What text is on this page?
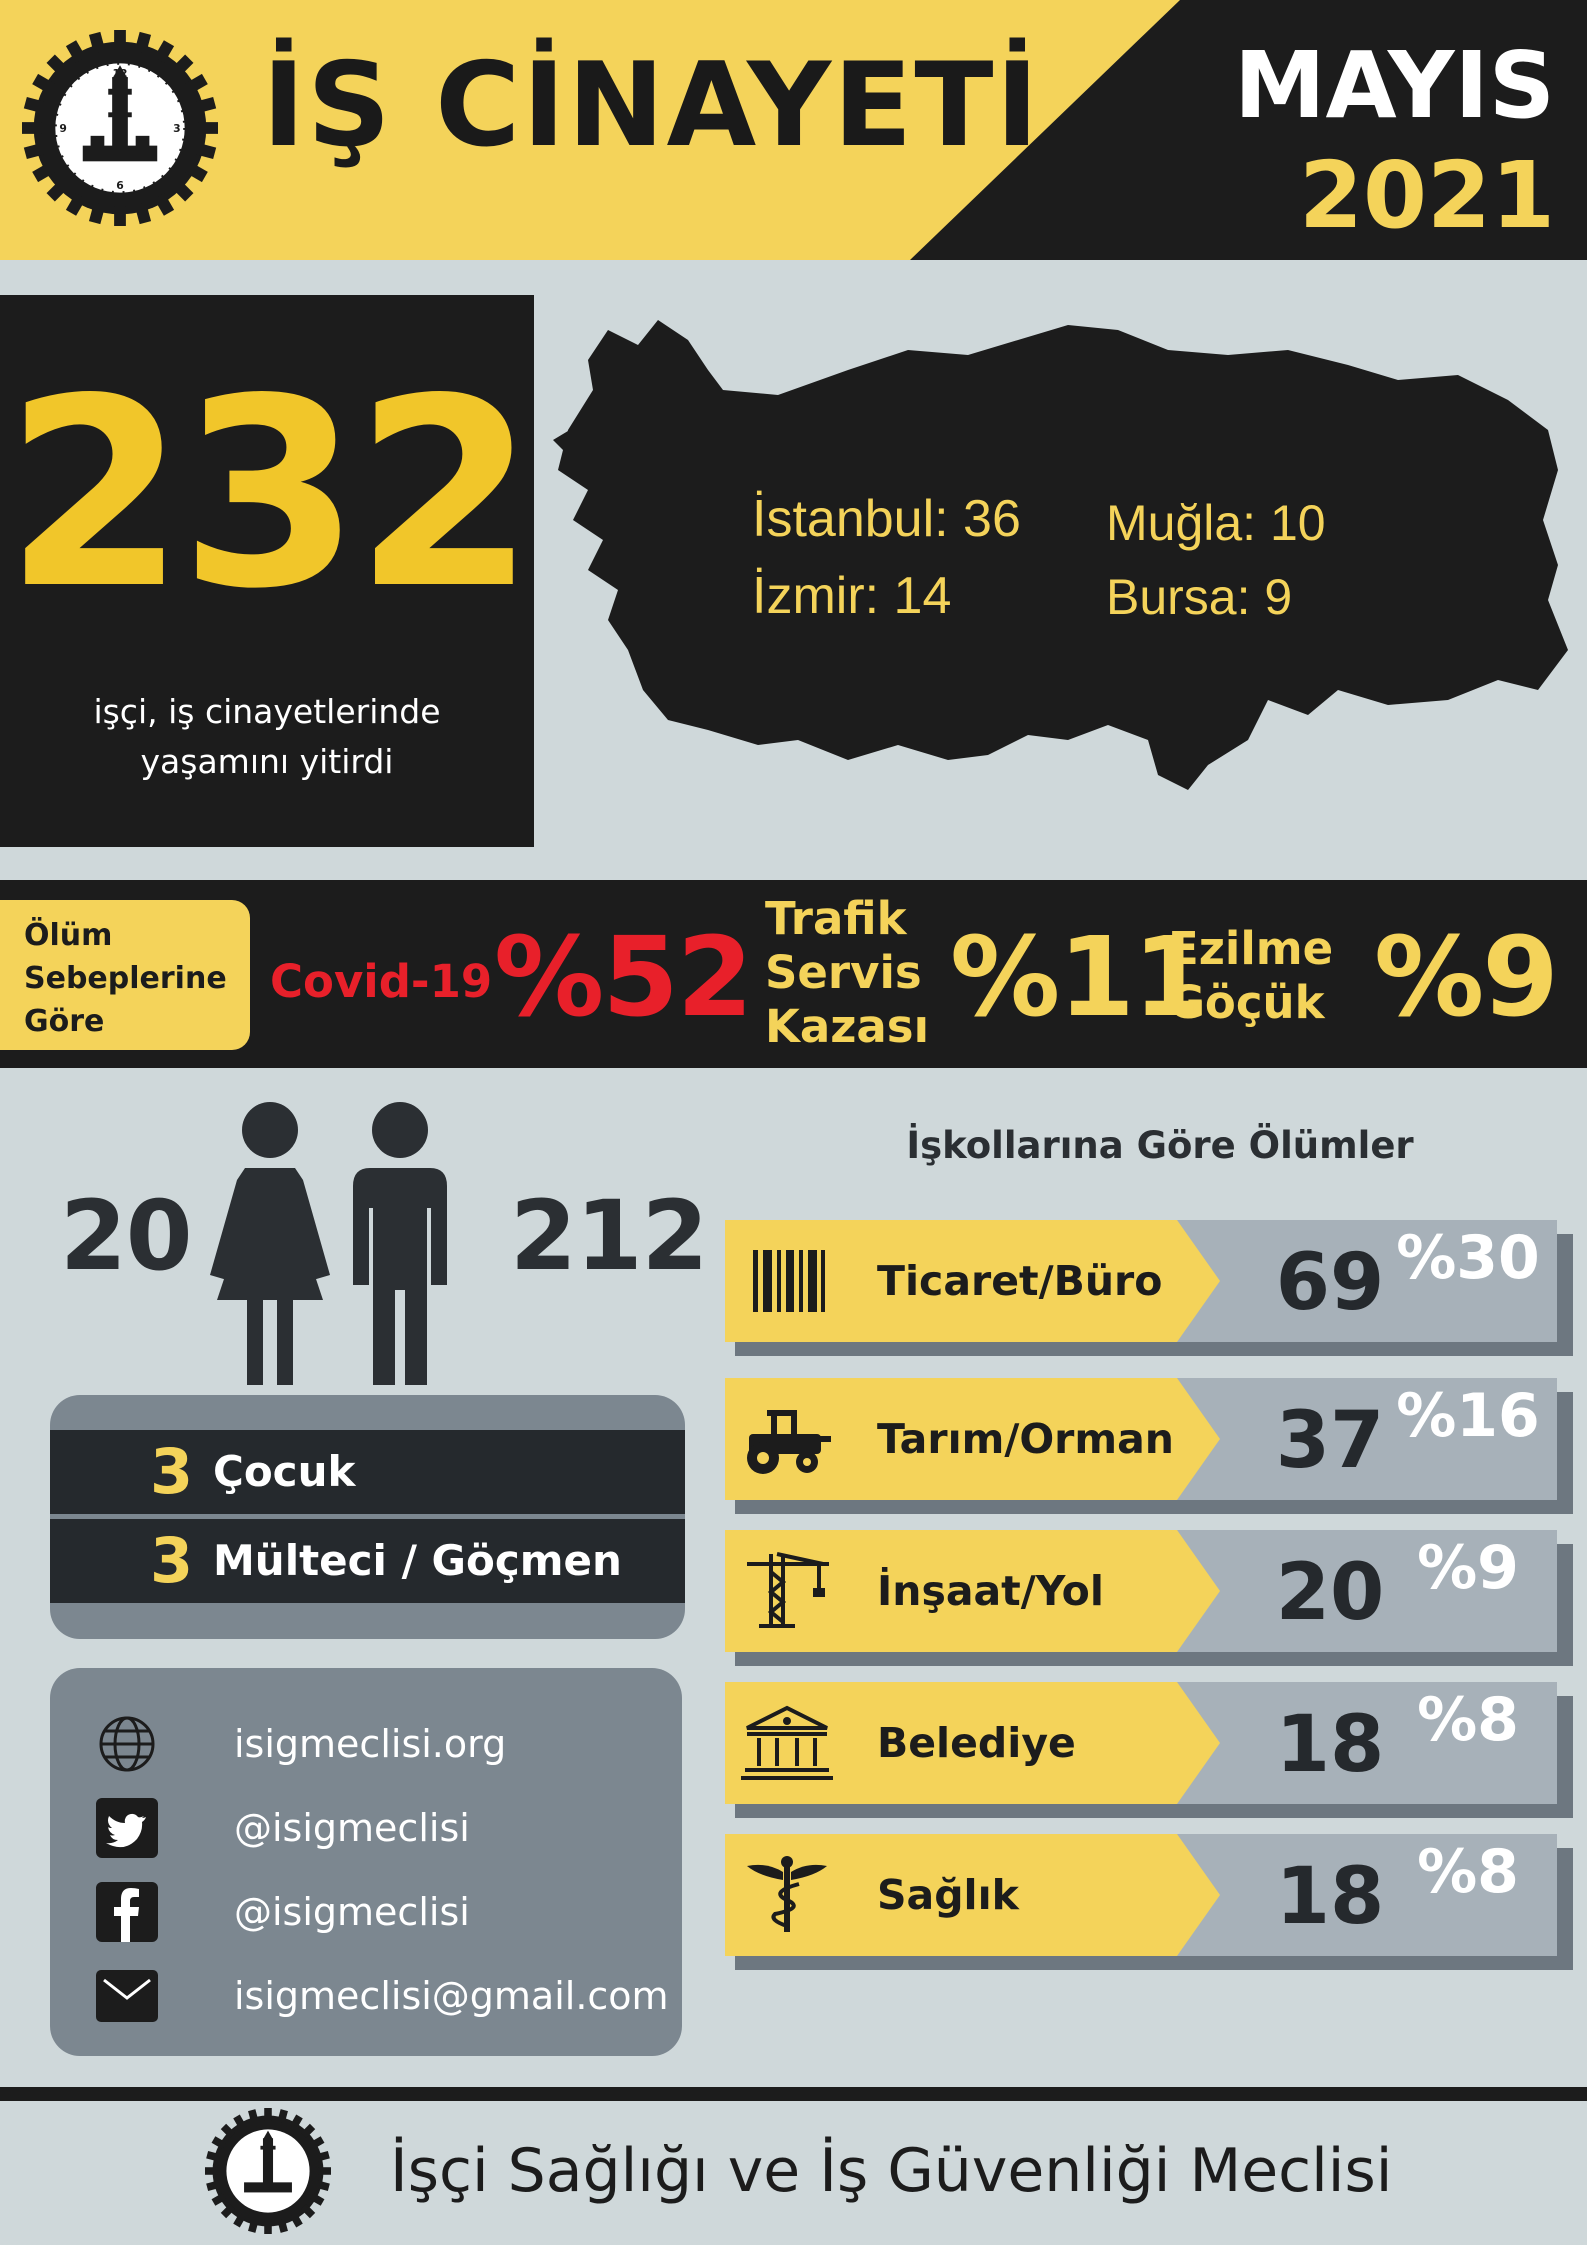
12
3
6
9 İŞ CİNAYETİ MAYIS
2021
232
işçi, iş cinayetlerinde
yaşamını yitirdi
İstanbul: 36
İzmir: 14
Muğla: 10
Bursa: 9
Ölüm
Sebeplerine
Göre
Covid-19 %52 Trafik
Servis
Kazası %11
Ezilme
Göçük %9
20	212
3 Çocuk
3 Mülteci / Göçmen
isigmeclisi.org
@isigmeclisi
@isigmeclisi
isigmeclisi@gmail.com
İşkollarına Göre Ölümler
Ticaret/Büro	69 %30
Tarım/Orman	37 %16
İnşaat/Yol	20 %9
Belediye	18 %8
Sağlık	18 %8
İşçi Sağlığı ve İş Güvenliği Meclisi
